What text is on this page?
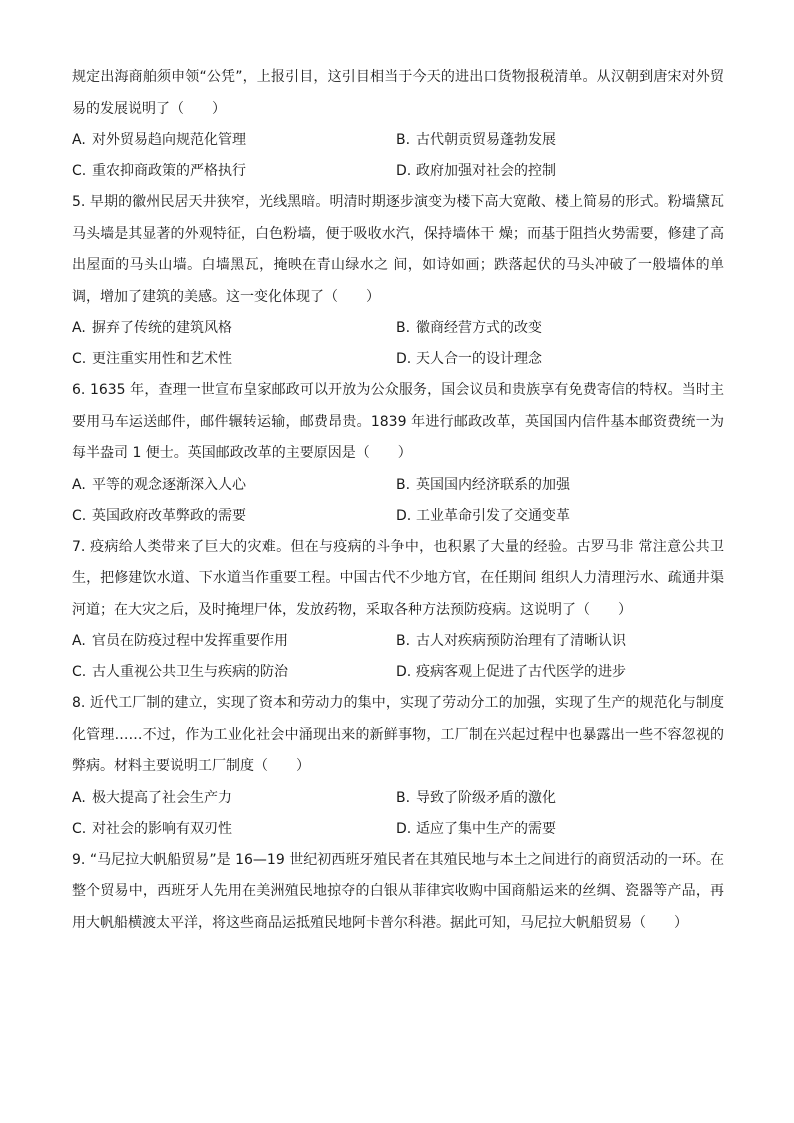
规定出海商舶须申领“公凭”，上报引目，这引目相当于今天的进出口货物报税清单。从汉朝到唐宋对外贸易的发展说明了（　　）

A. 对外贸易趋向规范化管理	B. 古代朝贡贸易蓬勃发展
C. 重农抑商政策的严格执行	D. 政府加强对社会的控制

5. 早期的徽州民居天井狭窄，光线黑暗。明清时期逐步演变为楼下高大宽敞、楼上简易的形式。粉墙黛瓦马头墙是其显著的外观特征，白色粉墙，便于吸收水汽，保持墙体干 燥；而基于阻挡火势需要，修建了高出屋面的马头山墙。白墙黑瓦，掩映在青山绿水之 间，如诗如画；跌落起伏的马头冲破了一般墙体的单调，增加了建筑的美感。这一变化体现了（　　）

A. 摒弃了传统的建筑风格	B. 徽商经营方式的改变
C. 更注重实用性和艺术性	D. 天人合一的设计理念

6. 1635 年，查理一世宣布皇家邮政可以开放为公众服务，国会议员和贵族享有免费寄信的特权。当时主要用马车运送邮件，邮件辗转运输，邮费昂贵。1839 年进行邮政改革，英国国内信件基本邮资费统一为每半盎司 1 便士。英国邮政改革的主要原因是（　　）

A. 平等的观念逐渐深入人心	B. 英国国内经济联系的加强
C. 英国政府改革弊政的需要	D. 工业革命引发了交通变革

7. 疫病给人类带来了巨大的灾难。但在与疫病的斗争中，也积累了大量的经验。古罗马非 常注意公共卫生，把修建饮水道、下水道当作重要工程。中国古代不少地方官，在任期间 组织人力清理污水、疏通井渠河道；在大灾之后，及时掩埋尸体，发放药物，采取各种方法预防疫病。这说明了（　　）

A. 官员在防疫过程中发挥重要作用	B. 古人对疾病预防治理有了清晰认识
C. 古人重视公共卫生与疾病的防治	D. 疫病客观上促进了古代医学的进步

8. 近代工厂制的建立，实现了资本和劳动力的集中，实现了劳动分工的加强，实现了生产的规范化与制度化管理……不过，作为工业化社会中涌现出来的新鲜事物，工厂制在兴起过程中也暴露出一些不容忽视的弊病。材料主要说明工厂制度（　　）

A. 极大提高了社会生产力	B. 导致了阶级矛盾的激化
C. 对社会的影响有双刃性	D. 适应了集中生产的需要

9. “马尼拉大帆船贸易”是 16—19 世纪初西班牙殖民者在其殖民地与本土之间进行的商贸活动的一环。在整个贸易中，西班牙人先用在美洲殖民地掠夺的白银从菲律宾收购中国商船运来的丝绸、瓷器等产品，再用大帆船横渡太平洋，将这些商品运抵殖民地阿卡普尔科港。据此可知，马尼拉大帆船贸易（　　）
